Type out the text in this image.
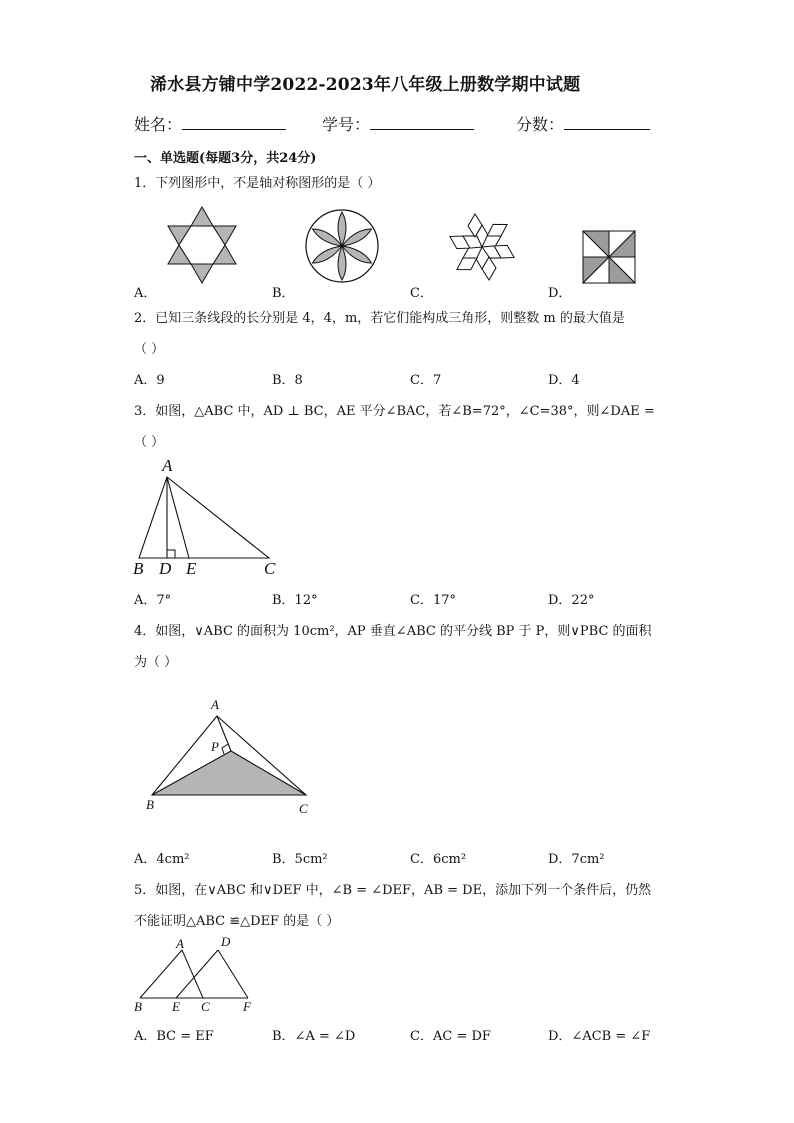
浠水县方铺中学2022-2023年八年级上册数学期中试题
姓名：	学号：	分数：
一、单选题(每题3分，共24分)
1．下列图形中，不是轴对称图形的是（ ）
A．	B．	C．	D．
2．已知三条线段的长分别是 4，4，m，若它们能构成三角形，则整数 m 的最大值是
（ ）
A．9	B．8	C．7	D．4
3．如图，△ABC 中，AD ⊥ BC，AE 平分∠BAC，若∠B=72°，∠C=38°，则∠DAE =
（ ）
A
B D E	C
A．7°	B．12°	C．17°	D．22°
4．如图，∨ABC 的面积为 10cm²，AP 垂直∠ABC 的平分线 BP 于 P，则∨PBC 的面积
为（ ）
A
P
B	C
A．4cm²	B．5cm²	C．6cm²	D．7cm²
5．如图，在∨ABC 和∨DEF 中，∠B = ∠DEF，AB = DE，添加下列一个条件后，仍然
不能证明△ABC ≌△DEF 的是（ ）
A	D
B E C	F
A．BC = EF	B．∠A = ∠D	C．AC = DF	D．∠ACB = ∠F
